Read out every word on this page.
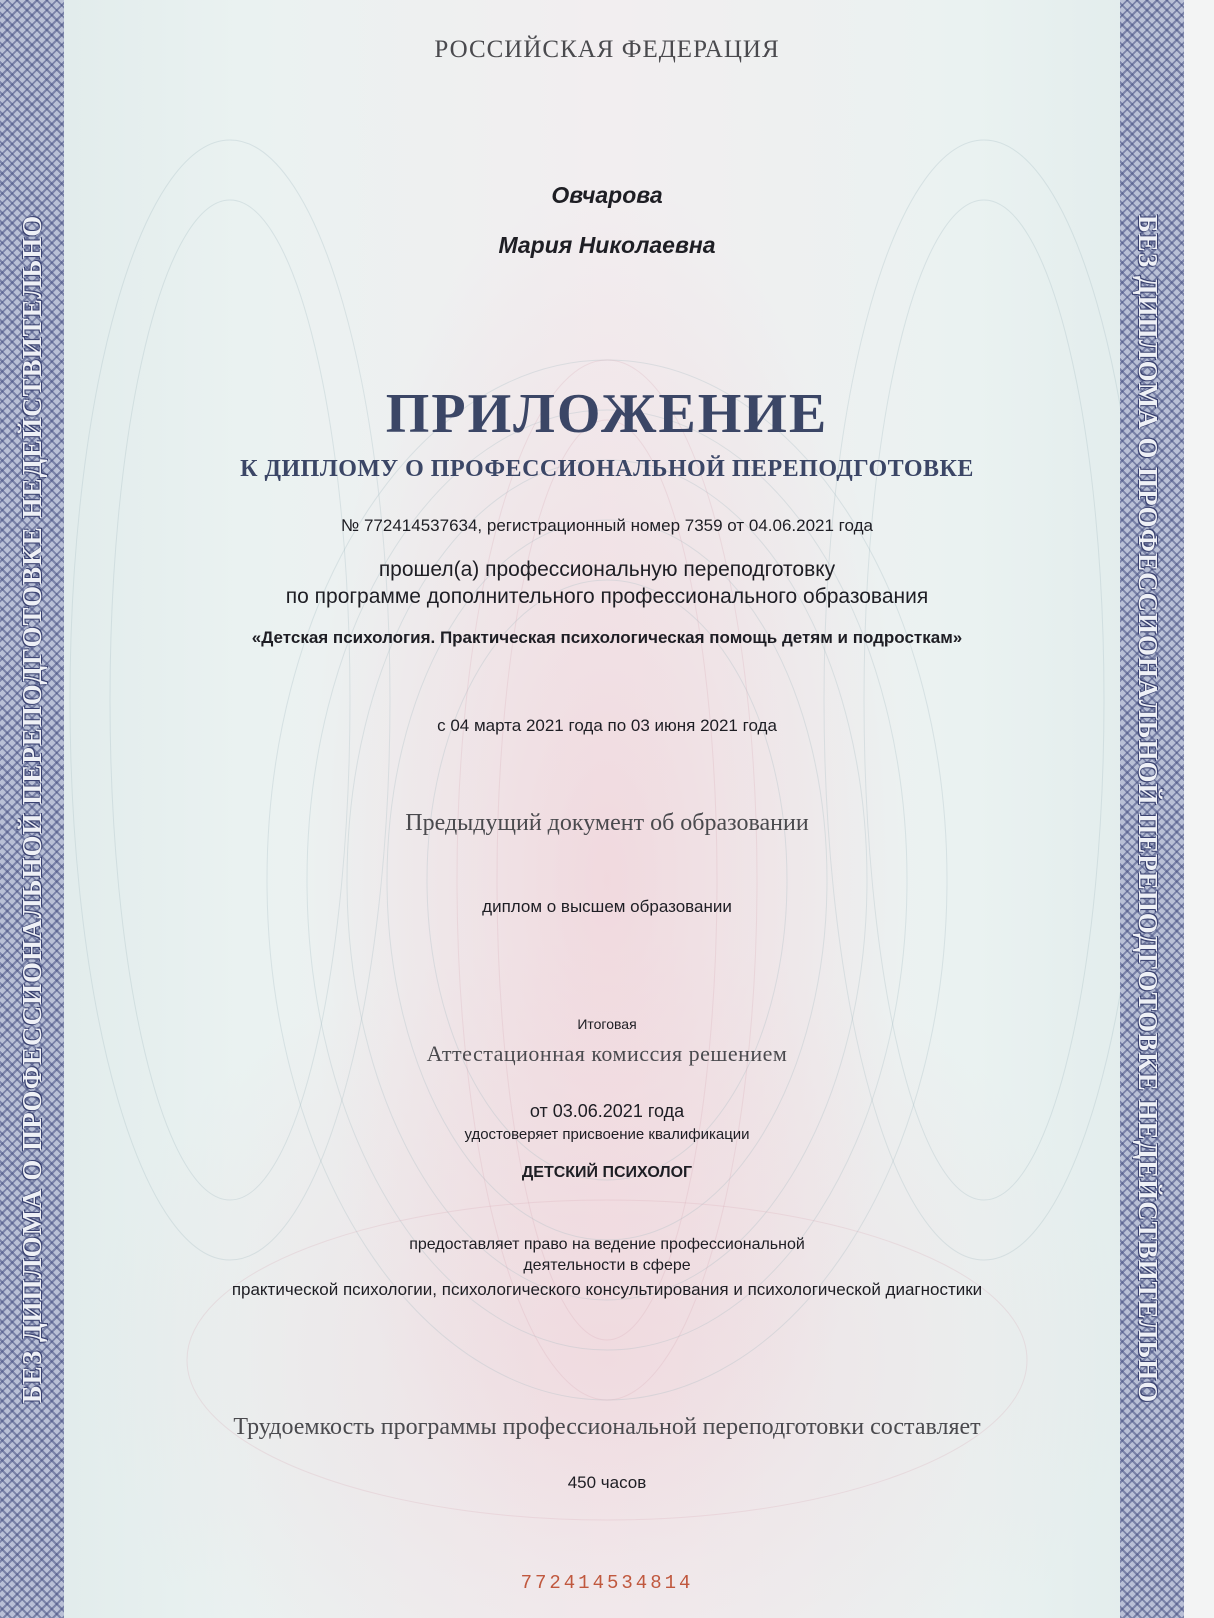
БЕЗ ДИПЛОМА О ПРОФЕССИОНАЛЬНОЙ ПЕРЕПОДГОТОВКЕ НЕДЕЙСТВИТЕЛЬНО	БЕЗ ДИПЛОМА О ПРОФЕССИОНАЛЬНОЙ ПЕРЕПОДГОТОВКЕ НЕДЕЙСТВИТЕЛЬНО

РОССИЙСКАЯ ФЕДЕРАЦИЯ

Овчарова

Мария Николаевна

ПРИЛОЖЕНИЕ

К ДИПЛОМУ О ПРОФЕССИОНАЛЬНОЙ ПЕРЕПОДГОТОВКЕ

№ 772414537634, регистрационный номер 7359 от 04.06.2021 года

прошел(а) профессиональную переподготовку

по программе дополнительного профессионального образования

«Детская психология. Практическая психологическая помощь детям и подросткам»

с 04 марта 2021 года по 03 июня 2021 года

Предыдущий документ об образовании

диплом о высшем образовании

Итоговая

Аттестационная комиссия решением

от 03.06.2021 года

удостоверяет присвоение квалификации

ДЕТСКИЙ ПСИХОЛОГ

предоставляет право на ведение профессиональной

деятельности в сфере

практической психологии, психологического консультирования и психологической диагностики

Трудоемкость программы профессиональной переподготовки составляет

450 часов

772414534814
